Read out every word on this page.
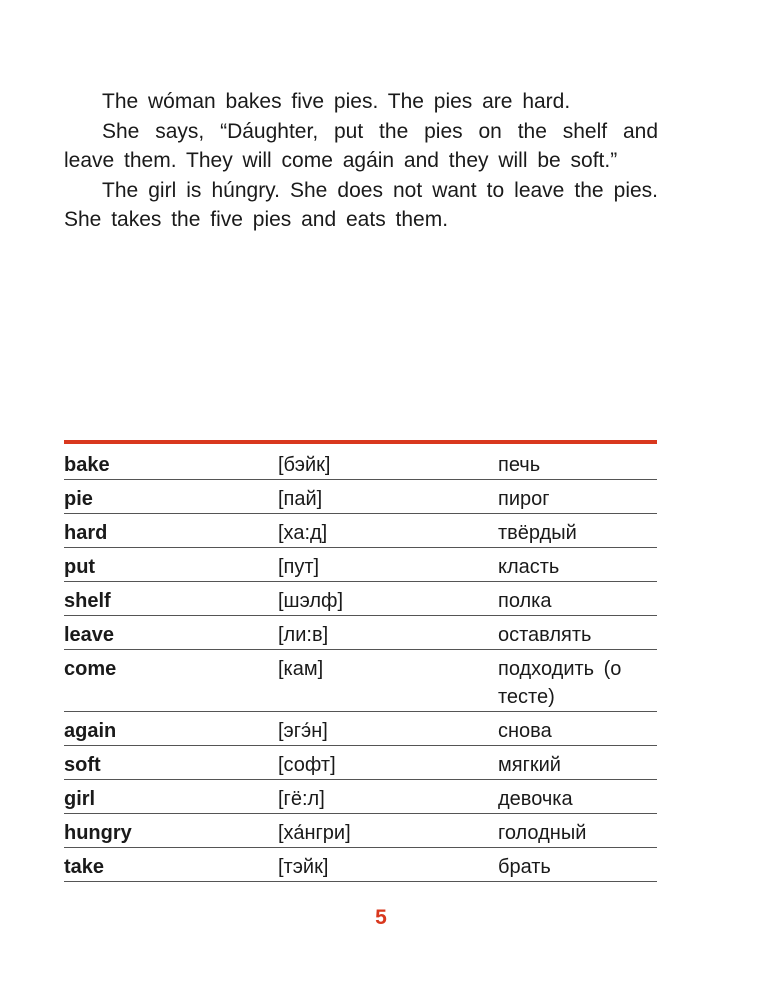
The wóman bakes five pies. The pies are hard.

She says, “Dáughter, put the pies on the shelf and leave them. They will come agáin and they will be soft.”

The girl is húngry. She does not want to leave the pies. She takes the five pies and eats them.

bake	[бэйк]	печь
pie	[пай]	пирог
hard	[ха:д]	твёрдый
put	[пут]	класть
shelf	[шэлф]	полка
leave	[ли:в]	оставлять
come	[кам]	подходить (о тесте)
again	[эгэ́н]	снова
soft	[софт]	мягкий
girl	[гё:л]	девочка
hungry	[ха́нгри]	голодный
take	[тэйк]	брать
5
